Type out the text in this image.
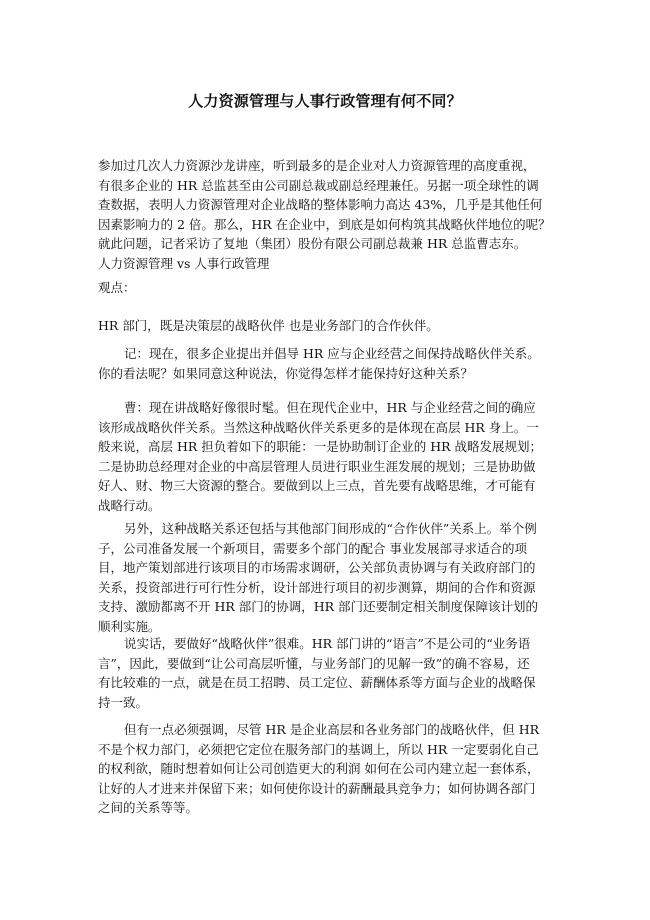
人力资源管理与人事行政管理有何不同？
参加过几次人力资源沙龙讲座，听到最多的是企业对人力资源管理的高度重视，
有很多企业的 HR 总监甚至由公司副总裁或副总经理兼任。另据一项全球性的调
查数据，表明人力资源管理对企业战略的整体影响力高达 43%，几乎是其他任何
因素影响力的 2 倍。那么，HR 在企业中，到底是如何构筑其战略伙伴地位的呢？
就此问题，记者采访了复地（集团）股份有限公司副总裁兼 HR 总监曹志东。
人力资源管理 vs 人事行政管理
观点：
HR 部门，既是决策层的战略伙伴 也是业务部门的合作伙伴。
记：现在，很多企业提出并倡导 HR 应与企业经营之间保持战略伙伴关系。
你的看法呢？如果同意这种说法，你觉得怎样才能保持好这种关系？
曹：现在讲战略好像很时髦。但在现代企业中，HR 与企业经营之间的确应
该形成战略伙伴关系。当然这种战略伙伴关系更多的是体现在高层 HR 身上。一
般来说，高层 HR 担负着如下的职能：一是协助制订企业的 HR 战略发展规划；
二是协助总经理对企业的中高层管理人员进行职业生涯发展的规划；三是协助做
好人、财、物三大资源的整合。要做到以上三点，首先要有战略思维，才可能有
战略行动。
另外，这种战略关系还包括与其他部门间形成的“合作伙伴”关系上。举个例
子，公司准备发展一个新项目，需要多个部门的配合 事业发展部寻求适合的项
目，地产策划部进行该项目的市场需求调研，公关部负责协调与有关政府部门的
关系，投资部进行可行性分析，设计部进行项目的初步测算，期间的合作和资源
支持、激励都离不开 HR 部门的协调，HR 部门还要制定相关制度保障该计划的
顺利实施。
说实话，要做好“战略伙伴”很难。HR 部门讲的“语言”不是公司的“业务语
言”，因此，要做到“让公司高层听懂，与业务部门的见解一致”的确不容易，还
有比较难的一点，就是在员工招聘、员工定位、薪酬体系等方面与企业的战略保
持一致。
但有一点必须强调，尽管 HR 是企业高层和各业务部门的战略伙伴，但 HR
不是个权力部门，必须把它定位在服务部门的基调上，所以 HR 一定要弱化自己
的权利欲，随时想着如何让公司创造更大的利润 如何在公司内建立起一套体系，
让好的人才进来并保留下来；如何使你设计的薪酬最具竞争力；如何协调各部门
之间的关系等等。
